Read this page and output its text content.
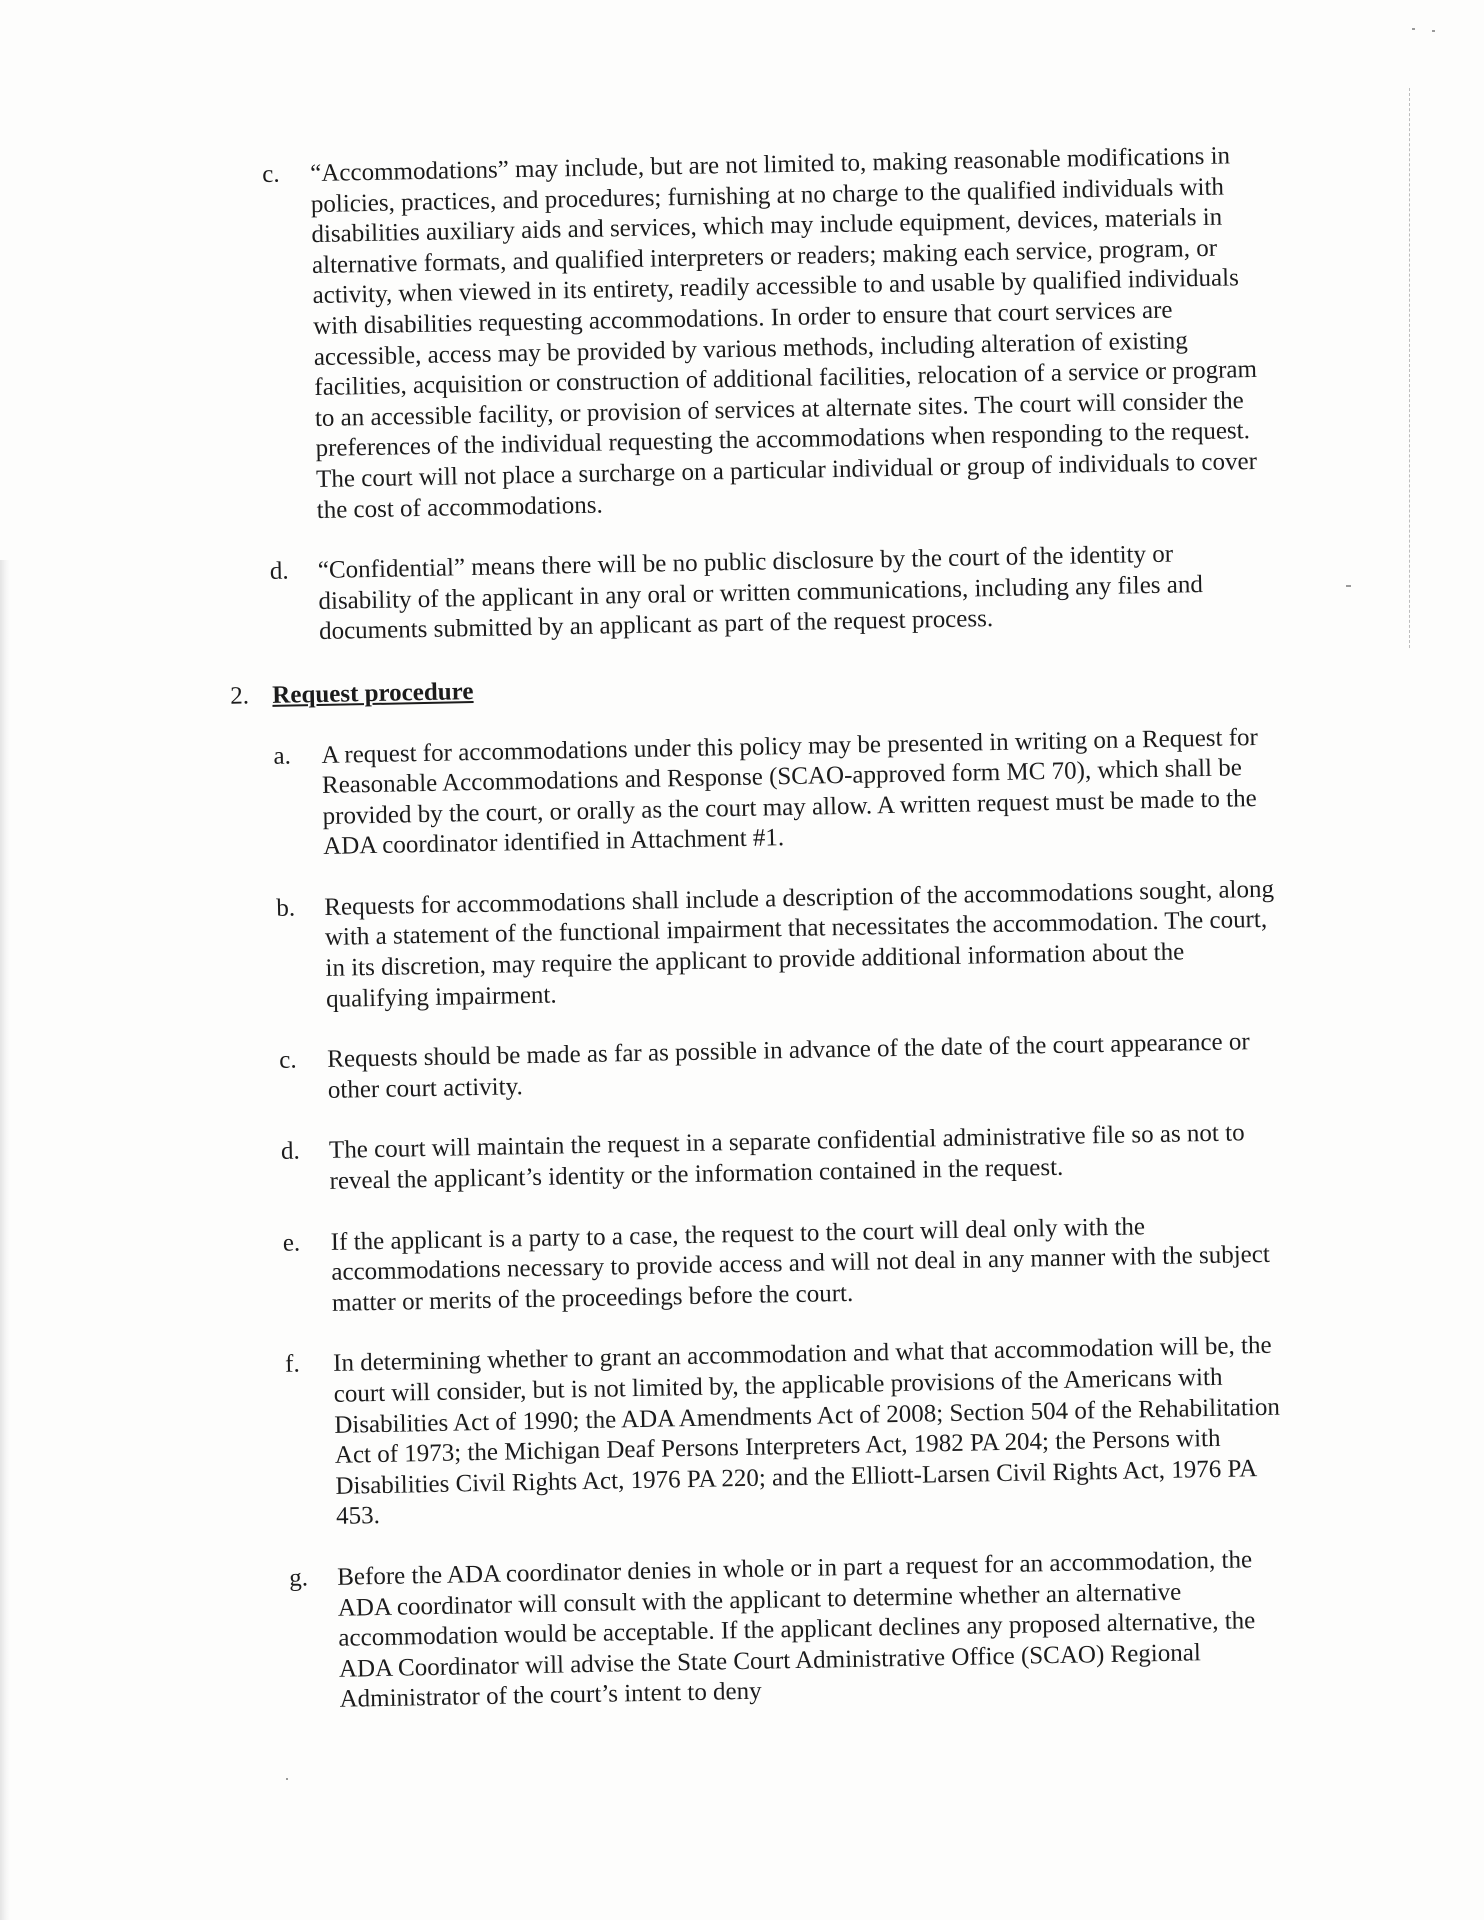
c. “Accommodations” may include, but are not limited to, making reasonable modifications in policies, practices, and procedures; furnishing at no charge to the qualified individuals with disabilities auxiliary aids and services, which may include equipment, devices, materials in alternative formats, and qualified interpreters or readers; making each service, program, or activity, when viewed in its entirety, readily accessible to and usable by qualified individuals with disabilities requesting accommodations. In order to ensure that court services are accessible, access may be provided by various methods, including alteration of existing facilities, acquisition or construction of additional facilities, relocation of a service or program to an accessible facility, or provision of services at alternate sites. The court will consider the preferences of the individual requesting the accommodations when responding to the request. The court will not place a surcharge on a particular individual or group of individuals to cover the cost of accommodations.
d. “Confidential” means there will be no public disclosure by the court of the identity or disability of the applicant in any oral or written communications, including any files and documents submitted by an applicant as part of the request process.
2. Request procedure
a. A request for accommodations under this policy may be presented in writing on a Request for Reasonable Accommodations and Response (SCAO-approved form MC 70), which shall be provided by the court, or orally as the court may allow. A written request must be made to the ADA coordinator identified in Attachment #1.
b. Requests for accommodations shall include a description of the accommodations sought, along with a statement of the functional impairment that necessitates the accommodation. The court, in its discretion, may require the applicant to provide additional information about the qualifying impairment.
c. Requests should be made as far as possible in advance of the date of the court appearance or other court activity.
d. The court will maintain the request in a separate confidential administrative file so as not to reveal the applicant’s identity or the information contained in the request.
e. If the applicant is a party to a case, the request to the court will deal only with the accommodations necessary to provide access and will not deal in any manner with the subject matter or merits of the proceedings before the court.
f. In determining whether to grant an accommodation and what that accommodation will be, the court will consider, but is not limited by, the applicable provisions of the Americans with Disabilities Act of 1990; the ADA Amendments Act of 2008; Section 504 of the Rehabilitation Act of 1973; the Michigan Deaf Persons Interpreters Act, 1982 PA 204; the Persons with Disabilities Civil Rights Act, 1976 PA 220; and the Elliott-Larsen Civil Rights Act, 1976 PA 453.
g. Before the ADA coordinator denies in whole or in part a request for an accommodation, the ADA coordinator will consult with the applicant to determine whether an alternative accommodation would be acceptable. If the applicant declines any proposed alternative, the ADA Coordinator will advise the State Court Administrative Office (SCAO) Regional Administrator of the court’s intent to deny
